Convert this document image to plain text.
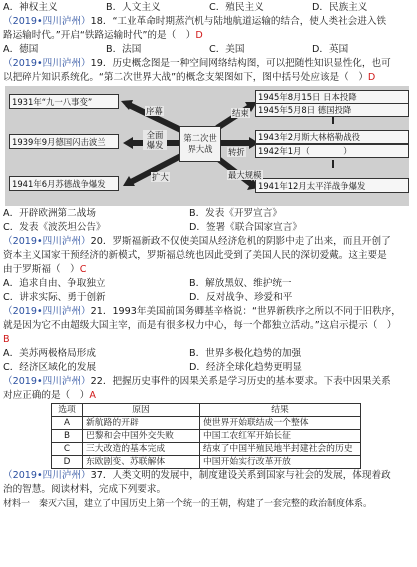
A．神权主义	B．人文主义	C．殖民主义	D．民族主义
（2019•四川泸州）18．“工业革命时期蒸汽机与陆地航道运输的结合，使人类社会进入铁
路运输时代。”开启“铁路运输时代”的是（　）D
A．德国	B．法国	C．美国	D．英国
（2019•四川泸州）19．历史概念图是一种空间网络结构图，可以把随性知识显性化，也可
以把碎片知识系统化。“第二次世界大战”的概念支架图如下，图中括号处应该是（　）D
1931年“九一八事变”
1939年9月德国闪击波兰
1941年6月苏德战争爆发
第二次世界大战
1945年8月15日 日本投降
1945年5月8日 德国投降
1943年2月斯大林格勒战役
1942年1月（　　　　）
1941年12月太平洋战争爆发
序幕
全面爆发
扩大
结束
转折
最大规模
A．开辟欧洲第二战场	B．发表《开罗宣言》
C．发表《波茨坦公告》	D．签署《联合国家宣言》
（2019•四川泸州）20．罗斯福新政不仅使美国从经济危机的阴影中走了出来，而且开创了
资本主义国家干预经济的新模式，罗斯福总统也因此受到了美国人民的深切爱戴。这主要是
由于罗斯福（　）C
A．追求自由、争取独立	B．解放黑奴、维护统一
C．讲求实际、勇于创新	D．反对战争、珍爱和平
（2019•四川泸州）21．1993年美国前国务卿基辛格说：“世界新秩序之所以不同于旧秩序，
就是因为它不由超级大国主宰，而是有很多权力中心，每一个都独立活动。”这启示提示（　）
B
A．美苏两极格局形成	B．世界多极化趋势的加强
C．经济区域化的发展	D．经济全球化趋势更明显
（2019•四川泸州）22．把握历史事件的因果关系是学习历史的基本要求。下表中因果关系
对应正确的是（　）A
选项	原因	结果
A	新航路的开辟	使世界开始联结成一个整体
B	巴黎和会中国外交失败	中国工农红军开始长征
C	三大改造的基本完成	结束了中国半殖民地半封建社会的历史
D	东欧剧变、苏联解体	中国开始实行改革开放
（2019•四川泸州）37．人类文明的发展中，制度建设关系到国家与社会的发展，体现着政
治的智慧。阅读材料，完成下列要求。
材料一　秦灭六国，建立了中国历史上第一个统一的王朝，构建了一套完整的政治制度体系。
